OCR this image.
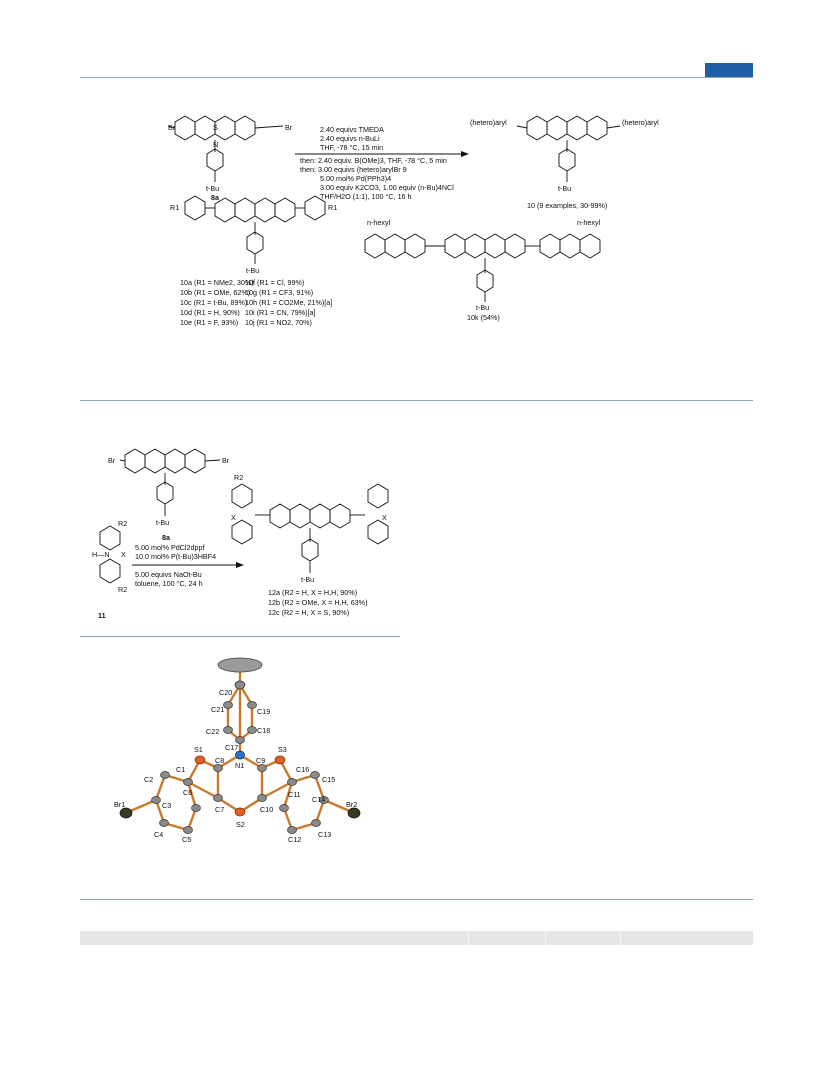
Br	Br
S
N
t-Bu
8a
2.40 equivs TMEDA
2.40 equivs n-BuLi
THF, -78 °C, 15 min
then: 2.40 equiv. B(OMe)3, THF, -78 °C, 5 min
then: 3.00 equivs (hetero)arylBr 9
5.00 mol% Pd(PPh3)4
3.00 equiv K2CO3, 1.00 equiv (n-Bu)4NCl
THF/H2O (1:1), 100 °C, 16 h
(hetero)aryl	(hetero)aryl
t-Bu
10 (9 examples, 30-99%)
R1	R1
t-Bu
10a (R1 = NMe2, 30%)
10b (R1 = OMe, 62%)
10c (R1 = t-Bu, 89%)
10d (R1 = H, 90%)
10e (R1 = F, 93%)
10f (R1 = Cl, 99%)
10g (R1 = CF3, 91%)
10h (R1 = CO2Me, 21%)[a]
10i (R1 = CN, 79%)[a]
10j (R1 = NO2, 70%)
n-hexyl	n-hexyl
t-Bu
10k (54%)
Br	Br
t-Bu
8a
H—N X
R2
R2
11
5.00 mol% PdCl2dppf
10.0 mol% P(t-Bu)3HBF4
5.00 equivs NaOt-Bu
toluene, 100 °C, 24 h
R2
X	X
t-Bu
12a (R2 = H, X = H,H, 90%)
12b (R2 = OMe, X = H,H, 63%)
12c (R2 = H, X = S, 90%)
C20
C21	C19
C22	C18
C17
S1	S3
C8	C9
N1
C1	C16
C2
C6
C15
Br1	C3	C7	C10
C11
C14
Br2
C4
C5
S2
C12
C13
